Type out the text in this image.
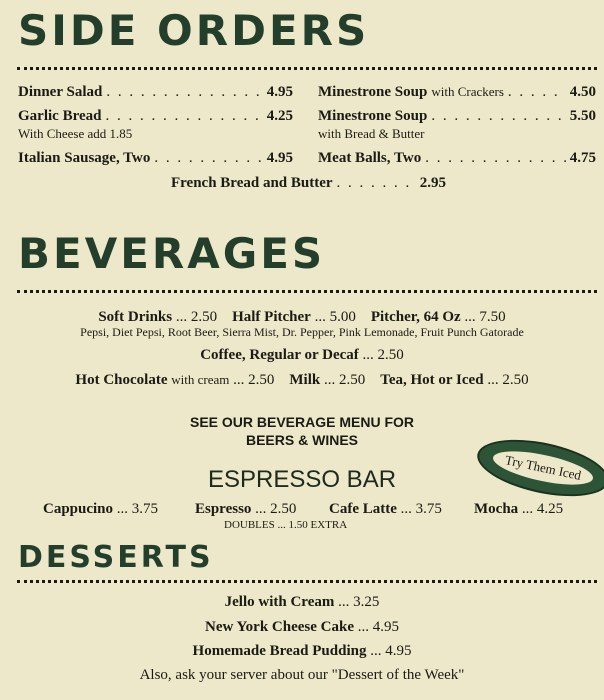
SIDE ORDERS
Dinner Salad . . .	4.95
Garlic Bread . . .	4.25
With Cheese add 1.85
Italian Sausage, Two . . .	4.95
Minestrone Soup with Crackers . . .	4.50
Minestrone Soup . . .	5.50
with Bread & Butter
Meat Balls, Two . . .	4.75
French Bread and Butter . . .	2.95
BEVERAGES
Soft Drinks ... 2.50 Half Pitcher ... 5.00 Pitcher, 64 Oz ... 7.50
Pepsi, Diet Pepsi, Root Beer, Sierra Mist, Dr. Pepper, Pink Lemonade, Fruit Punch Gatorade
Coffee, Regular or Decaf ... 2.50
Hot Chocolate with cream ... 2.50 Milk ... 2.50 Tea, Hot or Iced ... 2.50
SEE OUR BEVERAGE MENU FOR
BEERS & WINES
Try Them Iced
ESPRESSO BAR
Cappucino ... 3.75 Espresso ... 2.50 Cafe Latte ... 3.75 Mocha ... 4.25
DOUBLES ... 1.50 EXTRA
DESSERTS
Jello with Cream ... 3.25
New York Cheese Cake ... 4.95
Homemade Bread Pudding ... 4.95
Also, ask your server about our "Dessert of the Week"
